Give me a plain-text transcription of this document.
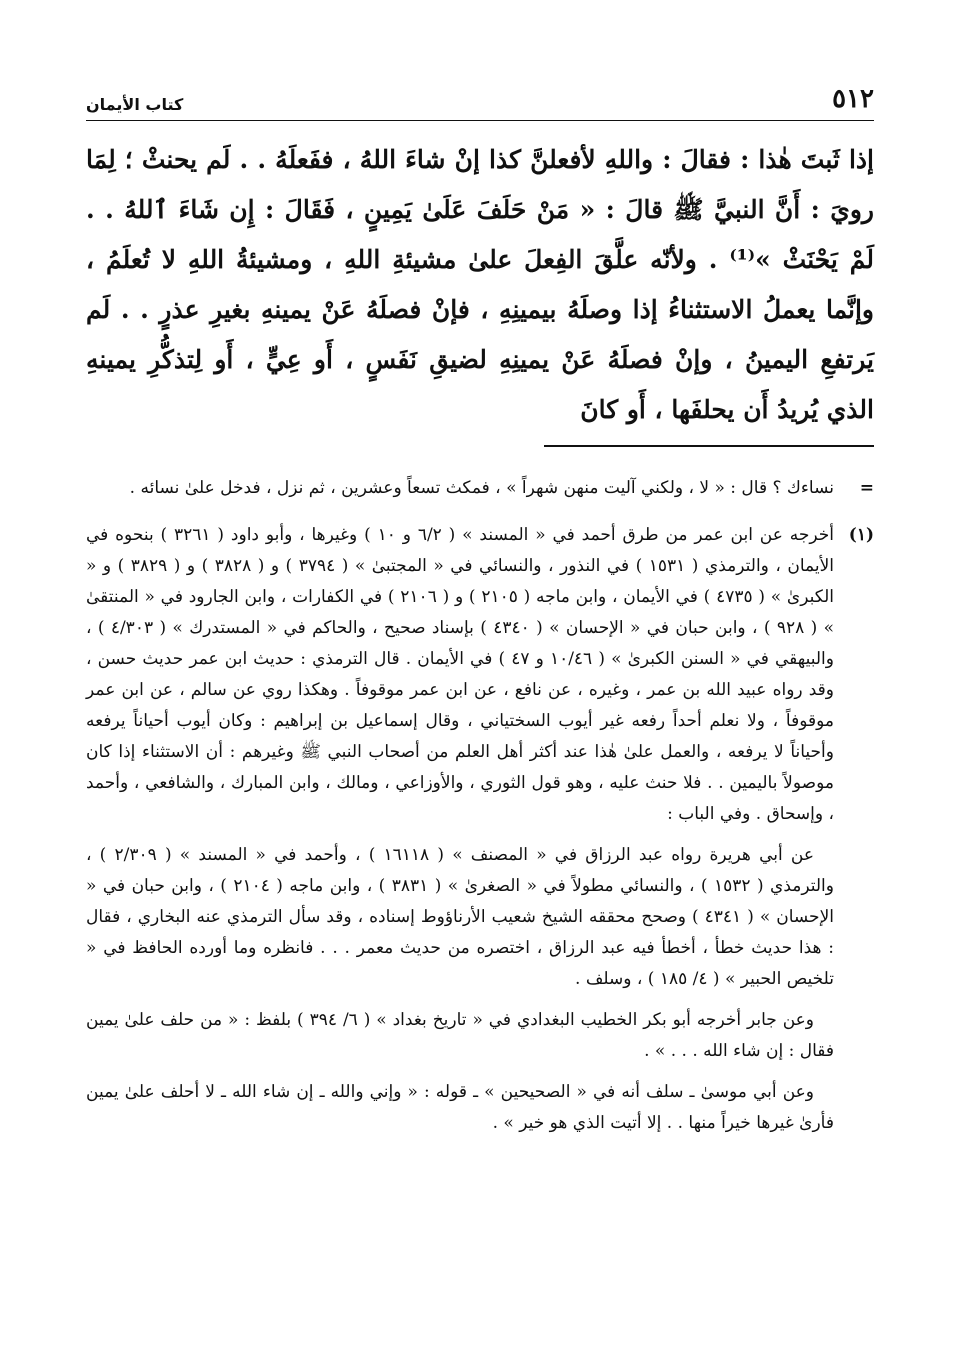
٥١٢
كتاب الأيمان
إذا ثَبتَ هٰذا : فقالَ : واللهِ لأفعلنَّ كذا إنْ شاءَ اللهُ ، ففَعلَهُ . . لَم يحنثْ ؛ لِمَا رويَ : أَنَّ النبيَّ ﷺ قالَ : « مَنْ حَلَفَ عَلَىٰ يَمِينٍ ، فَقَالَ : إِن شَاءَ ٱللهُ . . لَمْ يَحْنَثْ »⁽¹⁾ . ولأنّه علَّقَ الفِعلَ علىٰ مشيئةِ اللهِ ، ومشيئةُ اللهِ لا تُعلَمُ ، وإنَّما يعملُ الاستثناءُ إذا وصلَهُ بيمينِهِ ، فإنْ فصلَهُ عَنْ يمينهِ بغيرِ عذرٍ . . لَم يَرتفعِ اليمينُ ، وإنْ فصلَهُ عَنْ يمينِهِ لضيقِ نَفَسٍ ، أَو عِيٍّ ، أَو لِتذكُّرِ يمينهِ الذي يُريدُ أَن يحلفَها ، أَو كانَ
=

نساءك ؟ قال : « لا ، ولكني آليت منهن شهراً » ، فمكث تسعاً وعشرين ، ثم نزل ، فدخل علىٰ نسائه .

(١)

أخرجه عن ابن عمر من طرق أحمد في « المسند » ( ٦/٢ و ١٠ ) وغيرها ، وأبو داود ( ٣٢٦١ ) بنحوه في الأيمان ، والترمذي ( ١٥٣١ ) في النذور ، والنسائي في « المجتبىٰ » ( ٣٧٩٤ ) و ( ٣٨٢٨ ) و ( ٣٨٢٩ ) و « الكبرىٰ » ( ٤٧٣٥ ) في الأيمان ، وابن ماجه ( ٢١٠٥ ) و ( ٢١٠٦ ) في الكفارات ، وابن الجارود في « المنتقىٰ » ( ٩٢٨ ) ، وابن حبان في « الإحسان » ( ٤٣٤٠ ) بإسناد صحيح ، والحاكم في « المستدرك » ( ٤/٣٠٣ ) ، والبيهقي في « السنن الكبرىٰ » ( ١٠/٤٦ و ٤٧ ) في الأيمان . قال الترمذي : حديث ابن عمر حديث حسن ، وقد رواه عبيد الله بن عمر ، وغيره ، عن نافع ، عن ابن عمر موقوفاً . وهكذا روي عن سالم ، عن ابن عمر موقوفاً ، ولا نعلم أحداً رفعه غير أيوب السختياني ، وقال إسماعيل بن إبراهيم : وكان أيوب أحياناً يرفعه وأحياناً لا يرفعه ، والعمل علىٰ هٰذا عند أكثر أهل العلم من أصحاب النبي ﷺ وغيرهم : أن الاستثناء إذا كان موصولاً باليمين . . فلا حنث عليه ، وهو قول الثوري ، والأوزاعي ، ومالك ، وابن المبارك ، والشافعي ، وأحمد ، وإسحاق . وفي الباب :

عن أبي هريرة رواه عبد الرزاق في « المصنف » ( ١٦١١٨ ) ، وأحمد في « المسند » ( ٢/٣٠٩ ) ، والترمذي ( ١٥٣٢ ) ، والنسائي مطولاً في « الصغرىٰ » ( ٣٨٣١ ) ، وابن ماجه ( ٢١٠٤ ) ، وابن حبان في « الإحسان » ( ٤٣٤١ ) وصحح محققه الشيخ شعيب الأرناؤوط إسناده ، وقد سأل الترمذي عنه البخاري ، فقال : هذا حديث خطأ ، أخطأ فيه عبد الرزاق ، اختصره من حديث معمر . . . فانظره وما أورده الحافظ في « تلخيص الحبير » ( ٤/ ١٨٥ ) ، وسلف .

وعن جابر أخرجه أبو بكر الخطيب البغدادي في « تاريخ بغداد » ( ٦/ ٣٩٤ ) بلفظ : « من حلف علىٰ يمين فقال : إن شاء الله . . . » .

وعن أبي موسىٰ ـ سلف أنه في « الصحيحين » ـ قوله : « وإني والله ـ إن شاء الله ـ لا أحلف علىٰ يمين فأرىٰ غيرها خيراً منها . . إلا أتيت الذي هو خير » .
